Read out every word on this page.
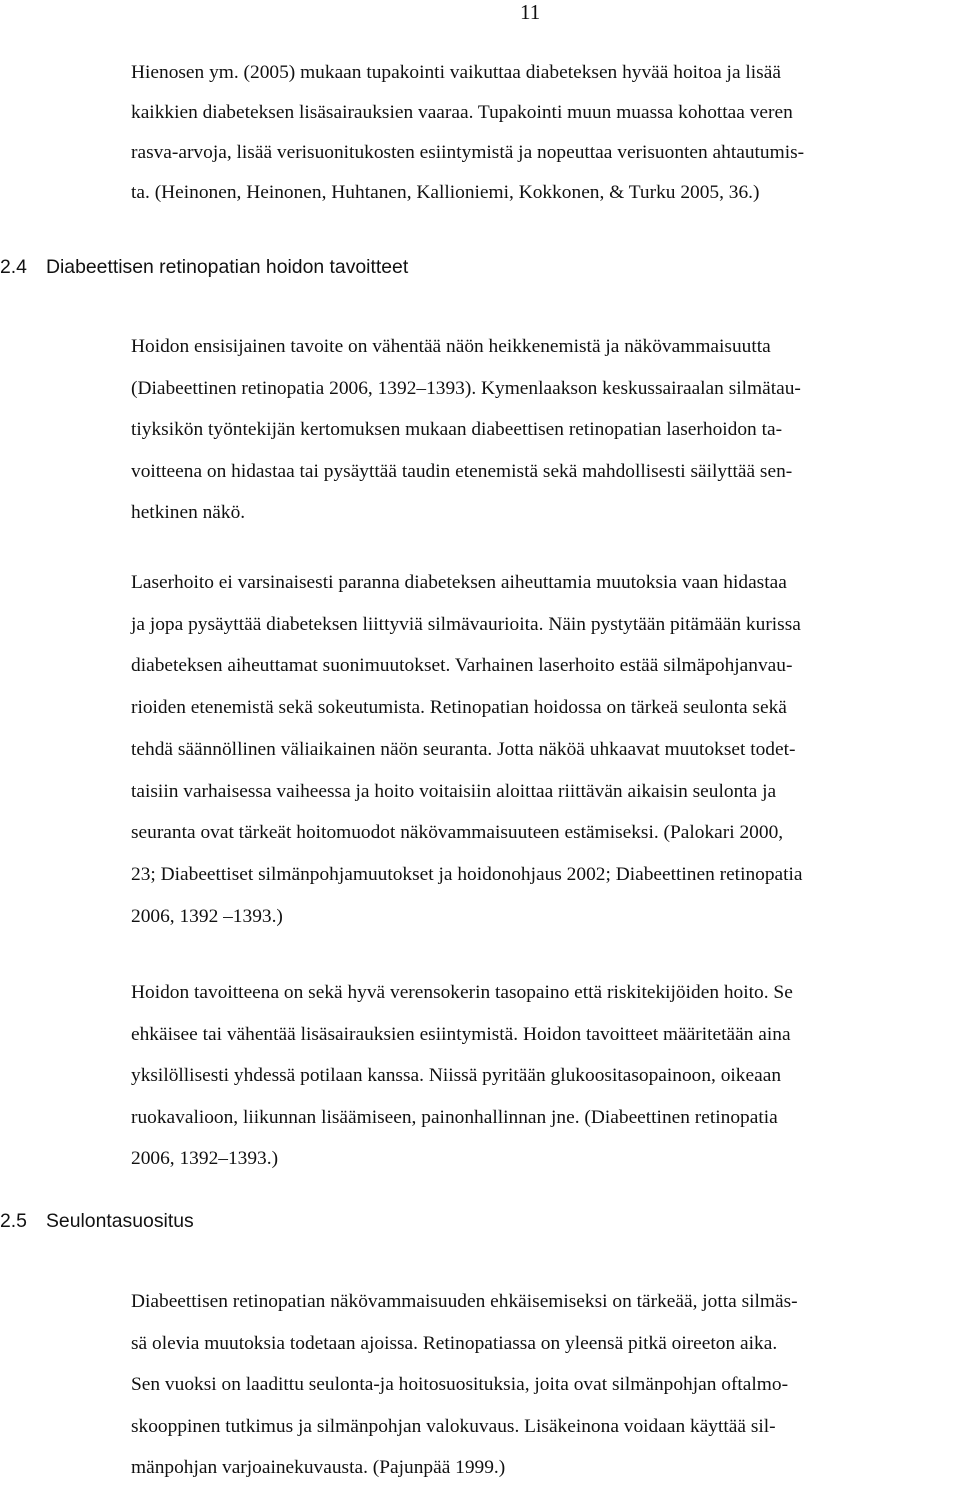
11
Hienosen ym. (2005) mukaan tupakointi vaikuttaa diabeteksen hyvää hoitoa ja lisää
kaikkien diabeteksen lisäsairauksien vaaraa. Tupakointi muun muassa kohottaa veren
rasva-arvoja, lisää verisuonitukosten esiintymistä ja nopeuttaa verisuonten ahtautumis-
ta. (Heinonen, Heinonen, Huhtanen, Kallioniemi, Kokkonen, & Turku 2005, 36.)
2.4 Diabeettisen retinopatian hoidon tavoitteet
Hoidon ensisijainen tavoite on vähentää näön heikkenemistä ja näkövammaisuutta
(Diabeettinen retinopatia 2006, 1392–1393). Kymenlaakson keskussairaalan silmätau-
tiyksikön työntekijän kertomuksen mukaan diabeettisen retinopatian laserhoidon ta-
voitteena on hidastaa tai pysäyttää taudin etenemistä sekä mahdollisesti säilyttää sen-
hetkinen näkö.
Laserhoito ei varsinaisesti paranna diabeteksen aiheuttamia muutoksia vaan hidastaa
ja jopa pysäyttää diabeteksen liittyviä silmävaurioita. Näin pystytään pitämään kurissa
diabeteksen aiheuttamat suonimuutokset. Varhainen laserhoito estää silmäpohjanvau-
rioiden etenemistä sekä sokeutumista. Retinopatian hoidossa on tärkeä seulonta sekä
tehdä säännöllinen väliaikainen näön seuranta. Jotta näköä uhkaavat muutokset todet-
taisiin varhaisessa vaiheessa ja hoito voitaisiin aloittaa riittävän aikaisin seulonta ja
seuranta ovat tärkeät hoitomuodot näkövammaisuuteen estämiseksi. (Palokari 2000,
23; Diabeettiset silmänpohjamuutokset ja hoidonohjaus 2002; Diabeettinen retinopatia
2006, 1392 –1393.)
Hoidon tavoitteena on sekä hyvä verensokerin tasopaino että riskitekijöiden hoito. Se
ehkäisee tai vähentää lisäsairauksien esiintymistä. Hoidon tavoitteet määritetään aina
yksilöllisesti yhdessä potilaan kanssa. Niissä pyritään glukoositasopainoon, oikeaan
ruokavalioon, liikunnan lisäämiseen, painonhallinnan jne. (Diabeettinen retinopatia
2006, 1392–1393.)
2.5 Seulontasuositus
Diabeettisen retinopatian näkövammaisuuden ehkäisemiseksi on tärkeää, jotta silmäs-
sä olevia muutoksia todetaan ajoissa. Retinopatiassa on yleensä pitkä oireeton aika.
Sen vuoksi on laadittu seulonta-ja hoitosuosituksia, joita ovat silmänpohjan oftalmo-
skooppinen tutkimus ja silmänpohjan valokuvaus. Lisäkeinona voidaan käyttää sil-
mänpohjan varjoainekuvausta. (Pajunpää 1999.)
